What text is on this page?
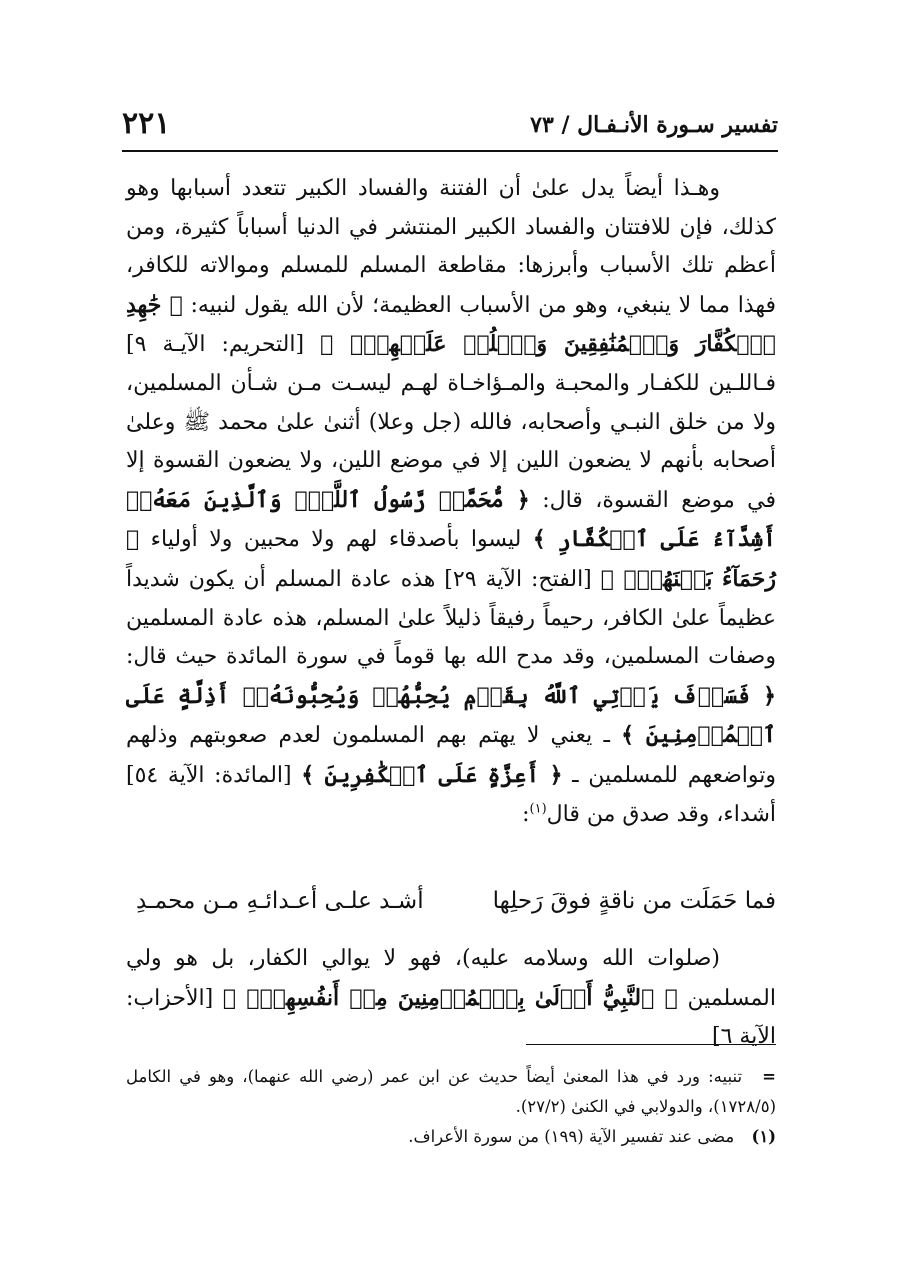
تفسير سـورة الأنـفـال / ٧٣
٢٢١

وهـذا أيضاً يدل علىٰ أن الفتنة والفساد الكبير تتعدد أسبابها وهو كذلك، فإن للافتتان والفساد الكبير المنتشر في الدنيا أسباباً كثيرة، ومن أعظم تلك الأسباب وأبرزها: مقاطعة المسلم للمسلم وموالاته للكافر، فهذا مما لا ينبغي، وهو من الأسباب العظيمة؛ لأن الله يقول لنبيه: ﴿ جَٰهِدِ ٱلۡكُفَّارَ وَٱلۡمُنَٰفِقِينَ وَٱغۡلُظۡ عَلَيۡهِمۡۚ ﴾ [التحريم: الآيـة ٩] فـاللـين للكفـار والمحبـة والمـؤاخـاة لهـم ليسـت مـن شـأن المسلمين، ولا من خلق النبـي وأصحابه، فالله (جل وعلا) أثنىٰ علىٰ محمد ﷺ وعلىٰ أصحابه بأنهم لا يضعون اللين إلا في موضع اللين، ولا يضعون القسوة إلا في موضع القسوة، قال: ﴿ مُّحَمَّدٞ رَّسُولُ ٱللَّهِۚ وَٱلَّذِينَ مَعَهُۥٓ أَشِدَّآءُ عَلَى ٱلۡكُفَّارِ ﴾ ليسوا بأصدقاء لهم ولا محبين ولا أولياء ﴿ رُحَمَآءُ بَيۡنَهُمۡۖ ﴾ [الفتح: الآية ٢٩] هذه عادة المسلم أن يكون شديداً عظيماً علىٰ الكافر، رحيماً رفيقاً ذليلاً علىٰ المسلم، هذه عادة المسلمين وصفات المسلمين، وقد مدح الله بها قوماً في سورة المائدة حيث قال: ﴿ فَسَوۡفَ يَأۡتِي ٱللَّهُ بِقَوۡمٖ يُحِبُّهُمۡ وَيُحِبُّونَهُۥٓ أَذِلَّةٍ عَلَى ٱلۡمُؤۡمِنِينَ ﴾ ـ يعني لا يهتم بهم المسلمون لعدم صعوبتهم وذلهم وتواضعهم للمسلمين ـ ﴿ أَعِزَّةٍ عَلَى ٱلۡكَٰفِرِينَ ﴾ [المائدة: الآية ٥٤] أشداء، وقد صدق من قال$^{(١)}$:

فما حَمَلَت من ناقةٍ فوقَ رَحلِها
أشـد علـى أعـدائـهِ مـن محمـدِ

(صلوات الله وسلامه عليه)، فهو لا يوالي الكفار، بل هو ولي المسلمين ﴿ ٱلنَّبِيُّ أَوۡلَىٰ بِٱلۡمُؤۡمِنِينَ مِنۡ أَنفُسِهِمۡۖ ﴾ [الأحزاب: الآية ٦]

= تنبيه: ورد في هذا المعنىٰ أيضاً حديث عن ابن عمر (رضي الله عنهما)، وهو في الكامل (١٧٢٨/٥)، والدولابي في الكنىٰ (٢٧/٢).

(١) مضى عند تفسير الآية (١٩٩) من سورة الأعراف.
